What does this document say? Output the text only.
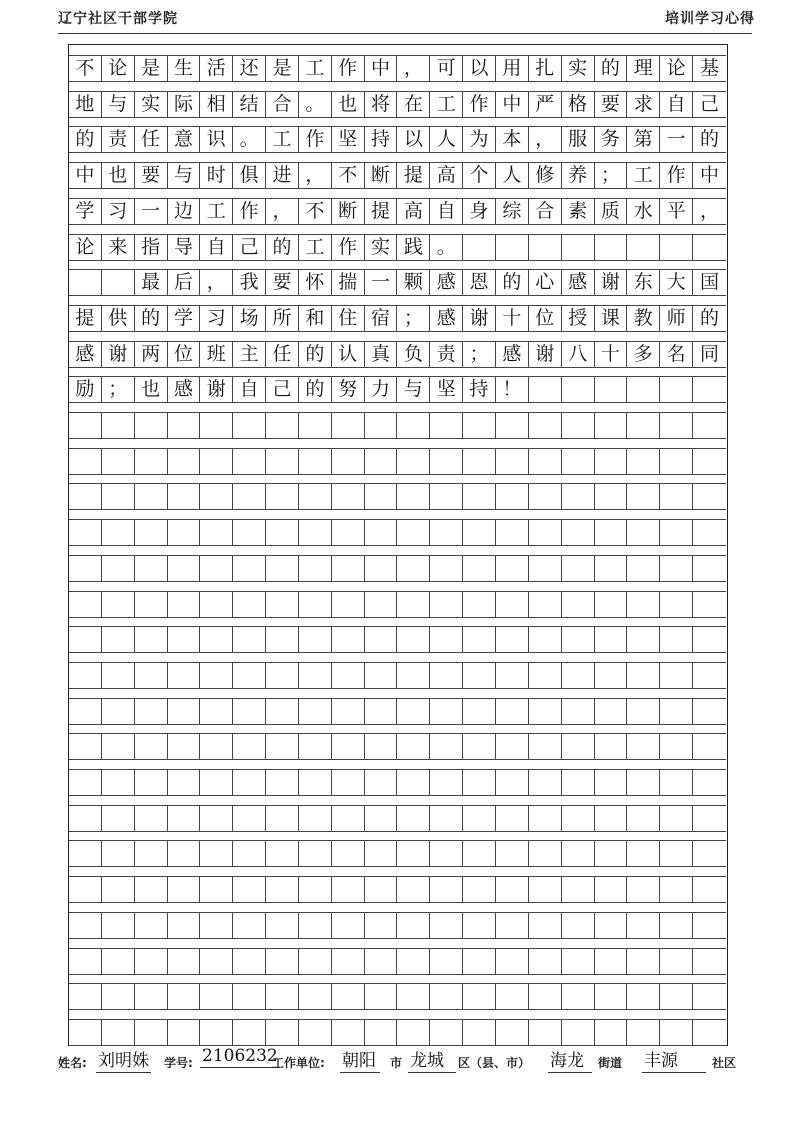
辽宁社区干部学院	培训学习心得
不 论 是 生 活 还 是 工 作 中 ， 可 以 用 扎 实 的 理 论 基
地 与 实 际 相 结 合 。 也 将 在 工 作 中 严 格 要 求 自 己
的 责 任 意 识 。 工 作 坚 持 以 人 为 本 ， 服 务 第 一 的
中 也 要 与 时 俱 进 ， 不 断 提 高 个 人 修 养 ； 工 作 中
学 习 一 边 工 作 ， 不 断 提 高 自 身 综 合 素 质 水 平 ，
论 来 指 导 自 己 的 工 作 实 践 。

最 后 ， 我 要 怀 揣 一 颗 感 恩 的 心 感 谢 东 大 国
提 供 的 学 习 场 所 和 住 宿 ； 感 谢 十 位 授 课 教 师 的
感 谢 两 位 班 主 任 的 认 真 负 责 ； 感 谢 八 十 多 名 同
励 ； 也 感 谢 自 己 的 努 力 与 坚 持 ！
姓名: 刘明姝 学号: 2106232
工作单位: 朝阳	市 龙城	区（县、市） 海龙	街道 丰源	社区
